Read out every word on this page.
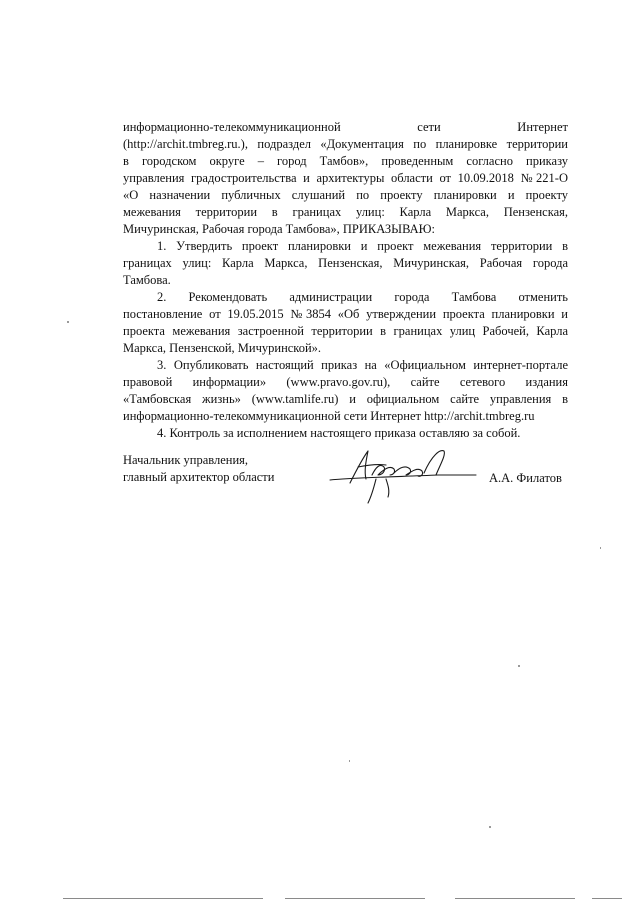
информационно-телекоммуникационной сети Интернет

(http://archit.tmbreg.ru.), подраздел «Документация по планировке территории

в городском округе – город Тамбов», проведенным согласно приказу

управления градостроительства и архитектуры области от 10.09.2018 №221-О

«О назначении публичных слушаний по проекту планировки и проекту

межевания территории в границах улиц: Карла Маркса, Пензенская,

Мичуринская, Рабочая города Тамбова», ПРИКАЗЫВАЮ:

1. Утвердить проект планировки и проект межевания территории в

границах улиц: Карла Маркса, Пензенская, Мичуринская, Рабочая города

Тамбова.

2. Рекомендовать администрации города Тамбова отменить

постановление от 19.05.2015 №3854 «Об утверждении проекта планировки и

проекта межевания застроенной территории в границах улиц Рабочей, Карла

Маркса, Пензенской, Мичуринской».

3. Опубликовать настоящий приказ на «Официальном интернет-портале

правовой информации» (www.pravo.gov.ru), сайте сетевого издания

«Тамбовская жизнь» (www.tamlife.ru) и официальном сайте управления в

информационно-телекоммуникационной сети Интернет http://archit.tmbreg.ru

4. Контроль за исполнением настоящего приказа оставляю за собой.

Начальник управления,
главный архитектор области	А.А. Филатов
